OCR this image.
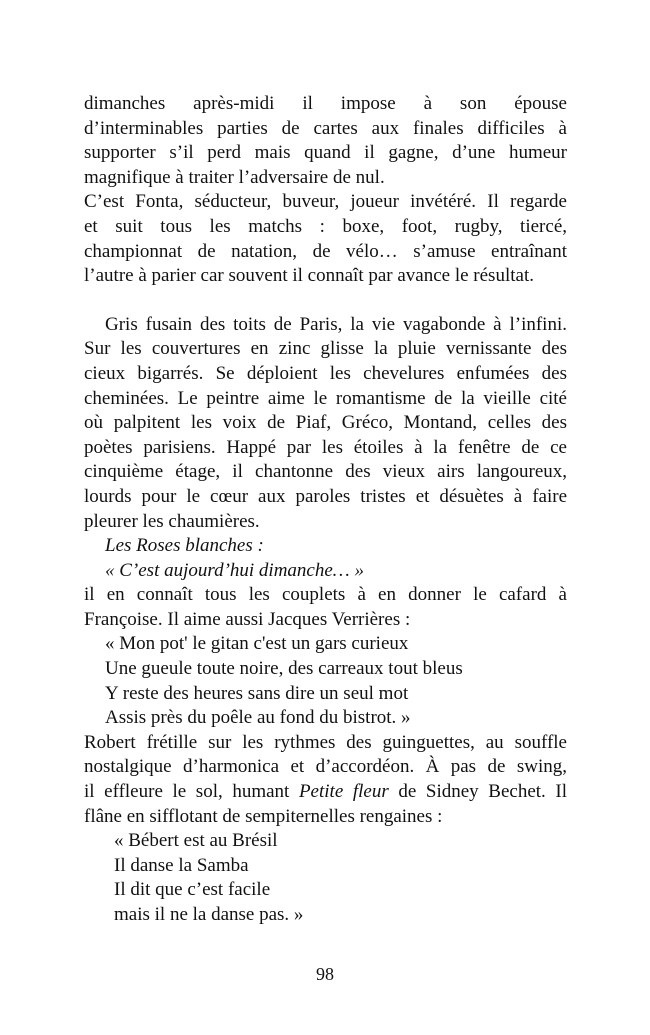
dimanches après-midi il impose à son épouse
d’interminables parties de cartes aux finales difficiles à
supporter s’il perd mais quand il gagne, d’une humeur
magnifique à traiter l’adversaire de nul.
C’est Fonta, séducteur, buveur, joueur invétéré. Il regarde
et suit tous les matchs : boxe, foot, rugby, tiercé,
championnat de natation, de vélo… s’amuse entraînant
l’autre à parier car souvent il connaît par avance le résultat.
Gris fusain des toits de Paris, la vie vagabonde à l’infini.
Sur les couvertures en zinc glisse la pluie vernissante des
cieux bigarrés. Se déploient les chevelures enfumées des
cheminées. Le peintre aime le romantisme de la vieille cité
où palpitent les voix de Piaf, Gréco, Montand, celles des
poètes parisiens. Happé par les étoiles à la fenêtre de ce
cinquième étage, il chantonne des vieux airs langoureux,
lourds pour le cœur aux paroles tristes et désuètes à faire
pleurer les chaumières.
Les Roses blanches :
« C’est aujourd’hui dimanche… »
il en connaît tous les couplets à en donner le cafard à
Françoise. Il aime aussi Jacques Verrières :
« Mon pot' le gitan c'est un gars curieux
Une gueule toute noire, des carreaux tout bleus
Y reste des heures sans dire un seul mot
Assis près du poêle au fond du bistrot. »
Robert frétille sur les rythmes des guinguettes, au souffle
nostalgique d’harmonica et d’accordéon. À pas de swing,
il effleure le sol, humant Petite fleur de Sidney Bechet. Il
flâne en sifflotant de sempiternelles rengaines :
« Bébert est au Brésil
Il danse la Samba
Il dit que c’est facile
mais il ne la danse pas. »
98
